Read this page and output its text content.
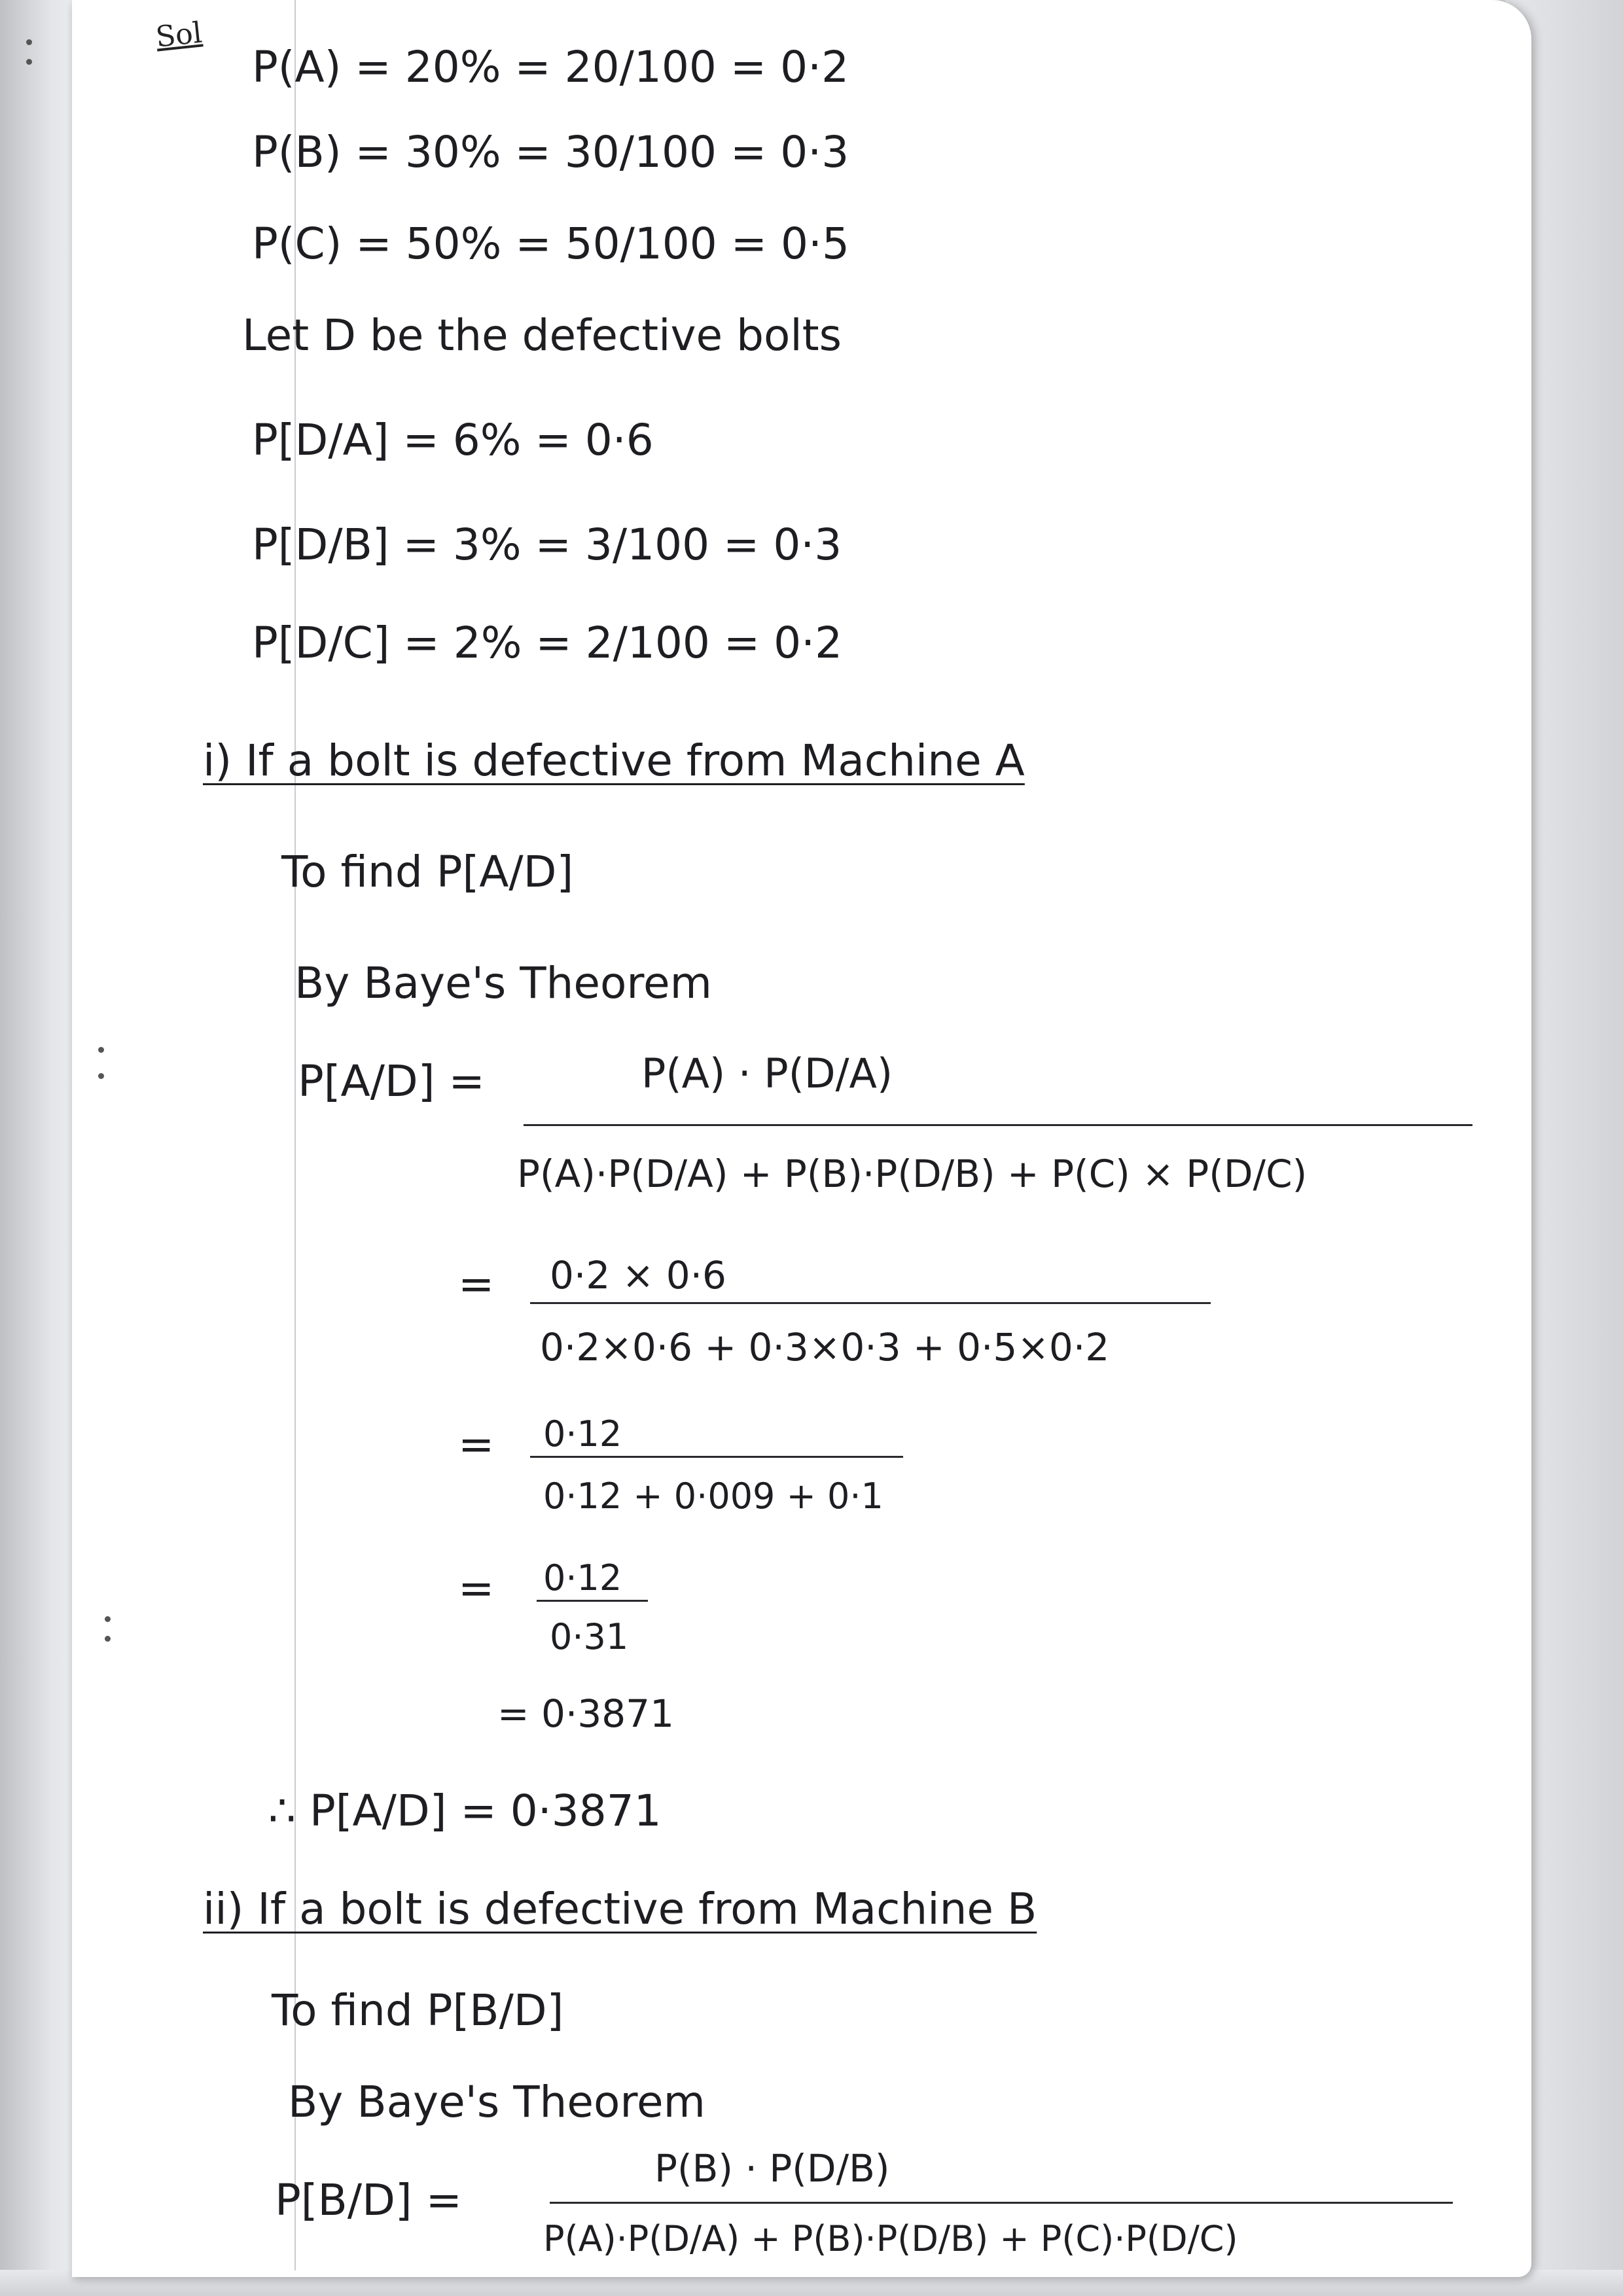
Sol
P(A) = 20% = 20/100 = 0·2
P(B) = 30% = 30/100 = 0·3
P(C) = 50% = 50/100 = 0·5
Let D be the defective bolts
P[D/A] = 6% = 0·6
P[D/B] = 3% = 3/100 = 0·3
P[D/C] = 2% = 2/100 = 0·2
i) If a bolt is defective from Machine A
To find P[A/D]
By Baye's Theorem
P[A/D] =	P(A) · P(D/A)
P(A)·P(D/A) + P(B)·P(D/B) + P(C) × P(D/C)
= 0·2 × 0·6
0·2×0·6 + 0·3×0·3 + 0·5×0·2
= 0·12
0·12 + 0·009 + 0·1
= 0·12
0·31
= 0·3871
∴ P[A/D] = 0·3871
ii) If a bolt is defective from Machine B
To find P[B/D]
By Baye's Theorem
P[B/D] =
P(B) · P(D/B)
P(A)·P(D/A) + P(B)·P(D/B) + P(C)·P(D/C)
